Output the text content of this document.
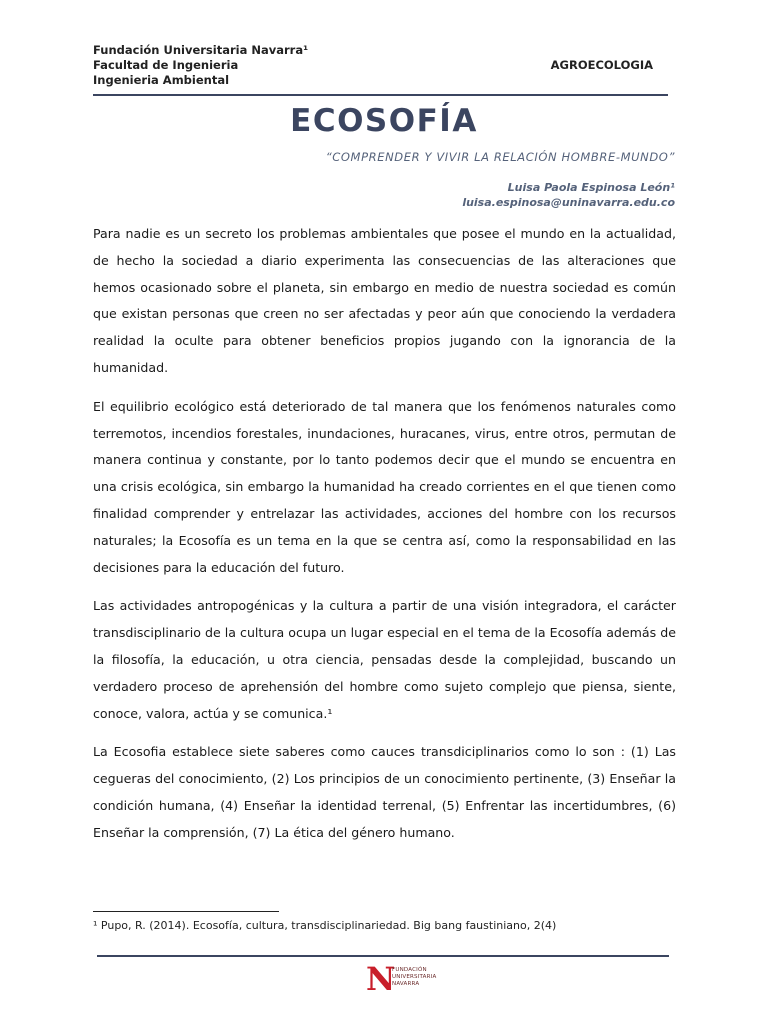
Fundación Universitaria Navarra¹
Facultad de Ingenieria
Ingenieria Ambiental
AGROECOLOGIA
ECOSOFÍA
“COMPRENDER Y VIVIR LA RELACIÓN HOMBRE-MUNDO”
Luisa Paola Espinosa León¹
luisa.espinosa@uninavarra.edu.co

Para nadie es un secreto los problemas ambientales que posee el mundo en la actualidad, de hecho la sociedad a diario experimenta las consecuencias de las alteraciones que hemos ocasionado sobre el planeta, sin embargo en medio de nuestra sociedad es común que existan personas que creen no ser afectadas y peor aún que conociendo la verdadera realidad la oculte para obtener beneficios propios jugando con la ignorancia de la humanidad.

El equilibrio ecológico está deteriorado de tal manera que los fenómenos naturales como terremotos, incendios forestales, inundaciones, huracanes, virus, entre otros, permutan de manera continua y constante, por lo tanto podemos decir que el mundo se encuentra en una crisis ecológica, sin embargo la humanidad ha creado corrientes en el que tienen como finalidad comprender y entrelazar las actividades, acciones del hombre con los recursos naturales; la Ecosofía es un tema en la que se centra así, como la responsabilidad en las decisiones para la educación del futuro.

Las actividades antropogénicas y la cultura a partir de una visión integradora, el carácter transdisciplinario de la cultura ocupa un lugar especial en el tema de la Ecosofía además de la filosofía, la educación, u otra ciencia, pensadas desde la complejidad, buscando un verdadero proceso de aprehensión del hombre como sujeto complejo que piensa, siente, conoce, valora, actúa y se comunica.¹

La Ecosofia establece siete saberes como cauces transdiciplinarios como lo son : (1) Las cegueras del conocimiento, (2) Los principios de un conocimiento pertinente, (3) Enseñar la condición humana, (4) Enseñar la identidad terrenal, (5) Enfrentar las incertidumbres, (6) Enseñar la comprensión, (7) La ética del género humano.

¹ Pupo, R. (2014). Ecosofía, cultura, transdisciplinariedad. Big bang faustiniano, 2(4)
N
FUNDACIÓN
UNIVERSITARIA
NAVARRA
